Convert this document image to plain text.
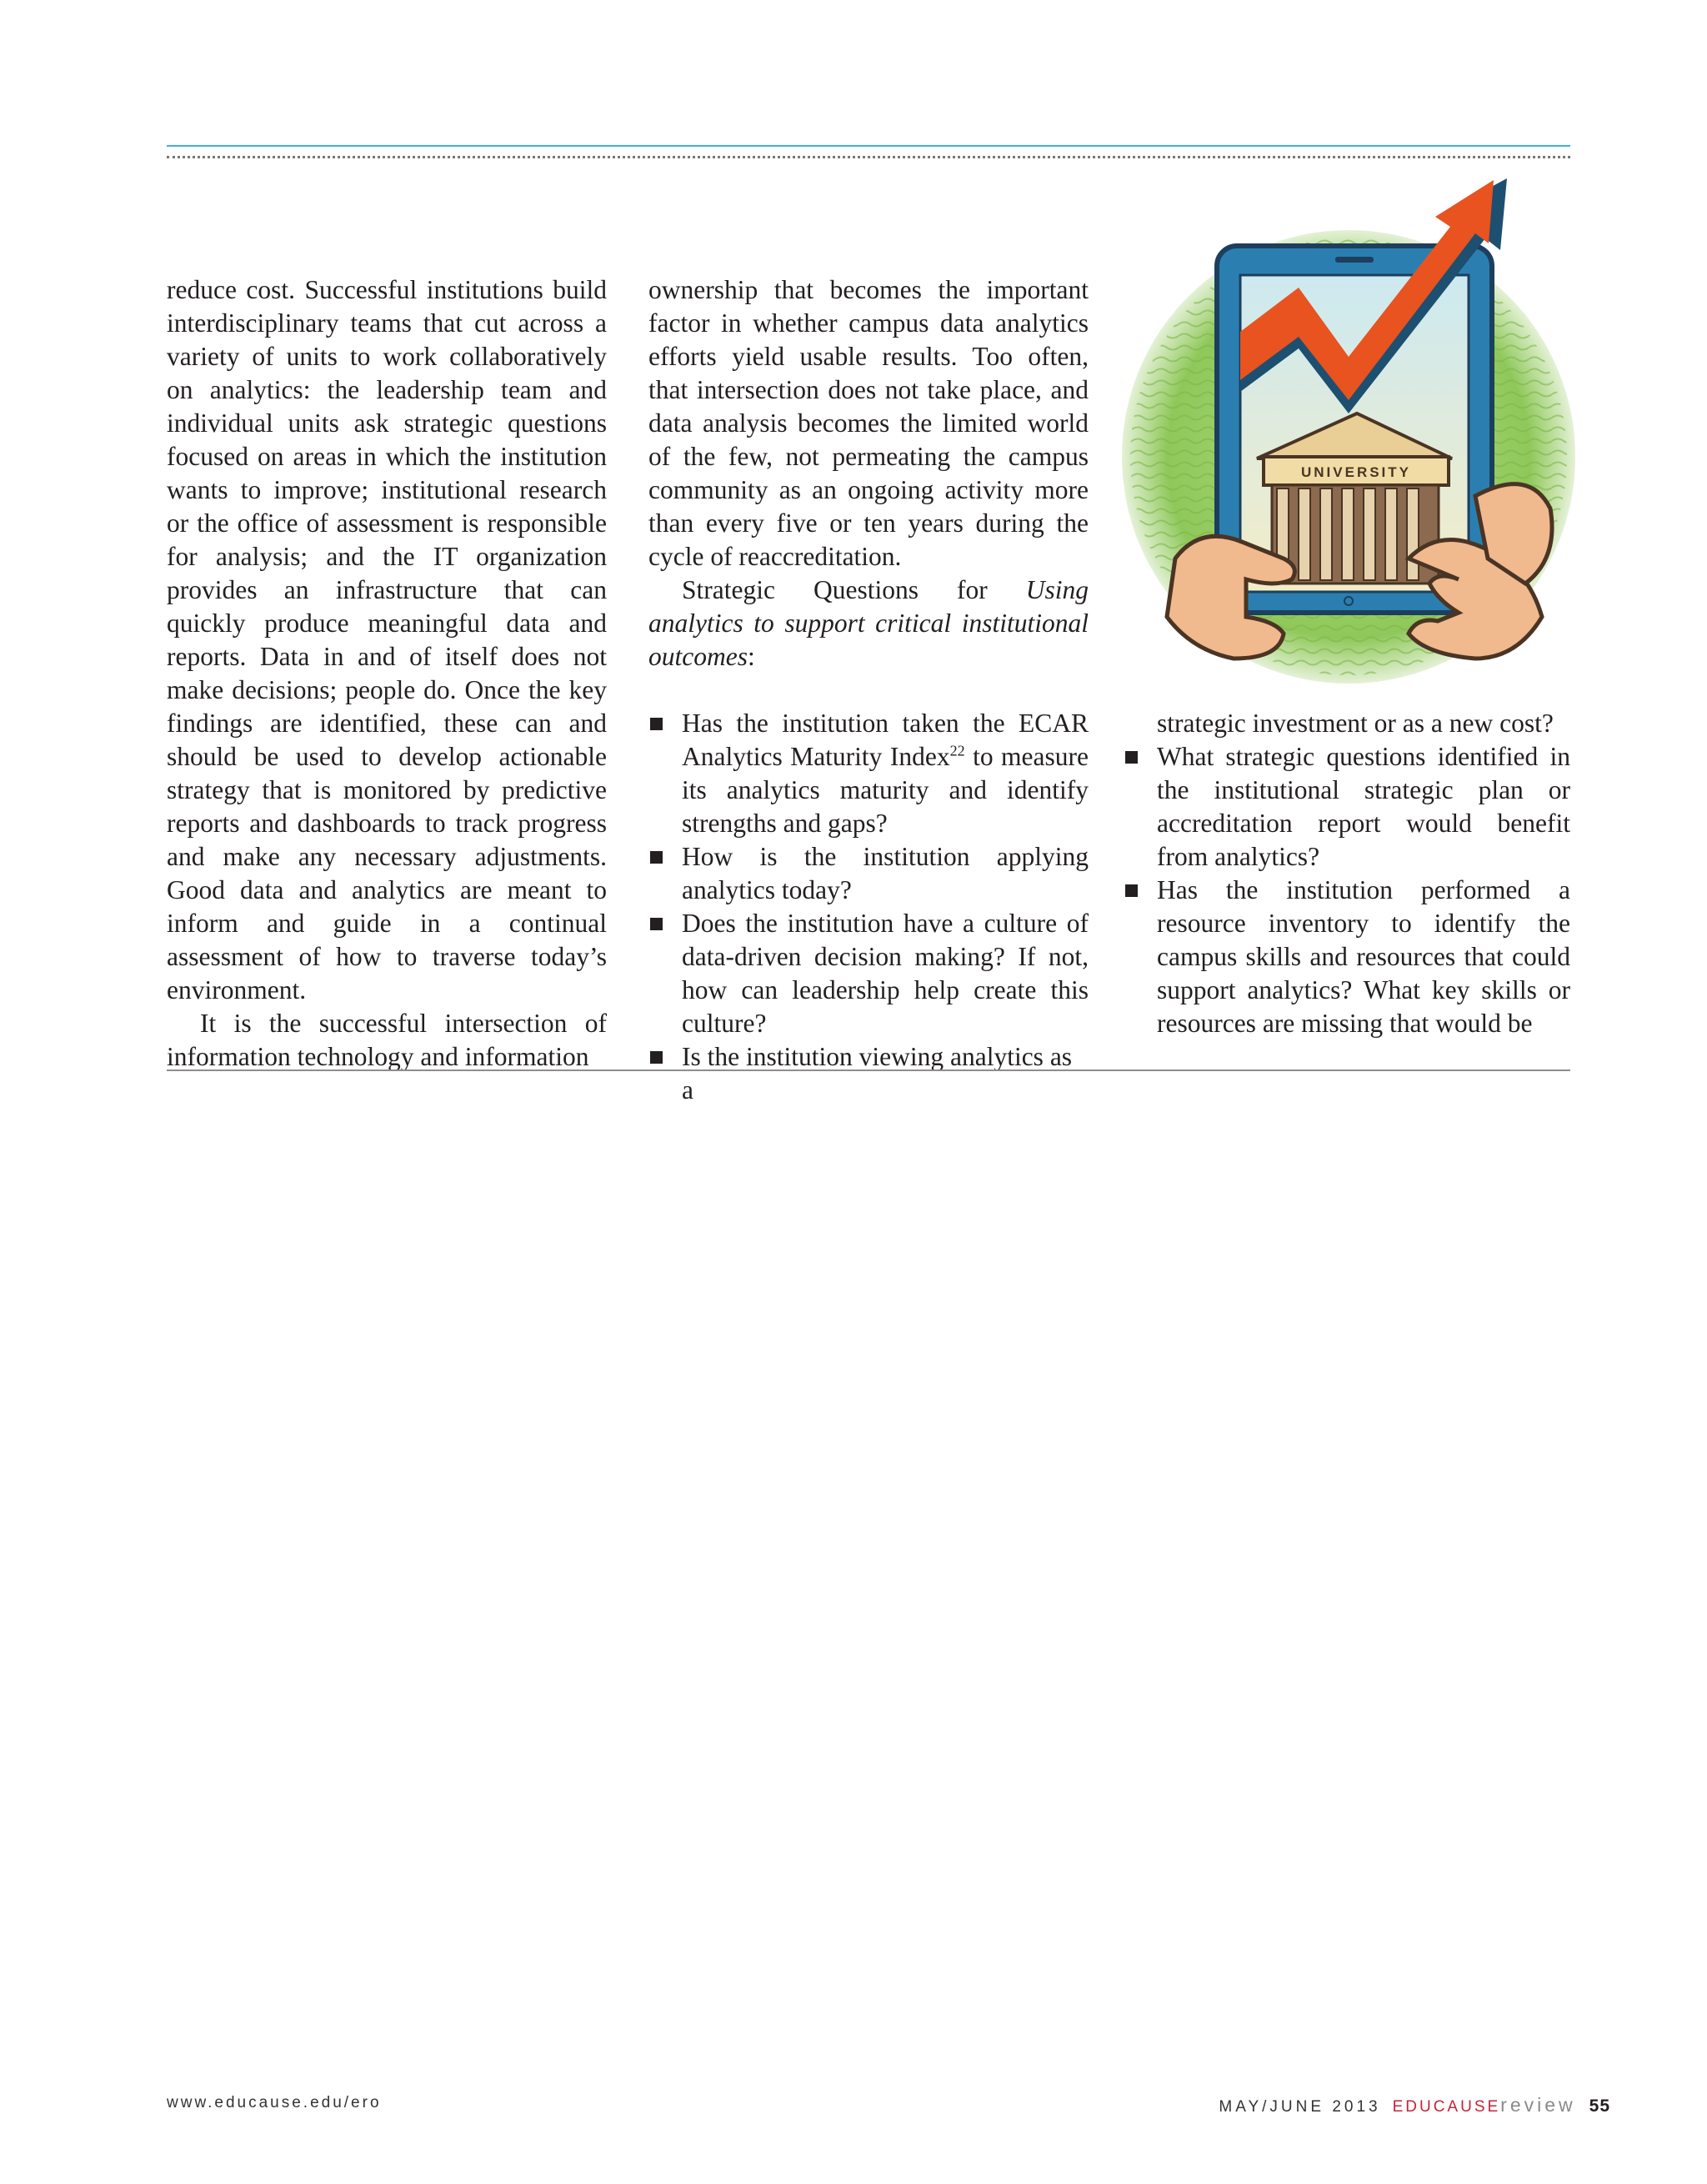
reduce cost. Successful institutions build interdisciplinary teams that cut across a variety of units to work collaboratively on analytics: the leadership team and individual units ask strategic questions focused on areas in which the institution wants to improve; institutional research or the office of assessment is responsible for analysis; and the IT organization provides an infrastructure that can quickly produce meaningful data and reports. Data in and of itself does not make decisions; people do. Once the key findings are identified, these can and should be used to develop actionable strategy that is monitored by predictive reports and dashboards to track progress and make any necessary adjustments. Good data and analytics are meant to inform and guide in a continual assessment of how to traverse today’s environment.

It is the successful intersection of information technology and information

ownership that becomes the important factor in whether campus data analytics efforts yield usable results. Too often, that intersection does not take place, and data analysis becomes the limited world of the few, not permeating the campus community as an ongoing activity more than every five or ten years during the cycle of reaccreditation.

Strategic Questions for Using analytics to support critical institutional outcomes:

Has the institution taken the ECAR Analytics Maturity Index$^{22}$ to measure its analytics maturity and identify strengths and gaps?
How is the institution applying analytics today?
Does the institution have a culture of data-driven decision making? If not, how can leadership help create this culture?
Is the institution viewing analytics as a
UNIVERSITY

strategic investment or as a new cost?

What strategic questions identified in the institutional strategic plan or accreditation report would benefit from analytics?
Has the institution performed a resource inventory to identify the campus skills and resources that could support analytics? What key skills or resources are missing that would be
www.educause.edu/ero	MAY/JUNE 2013 EDUCAUSE review 55
